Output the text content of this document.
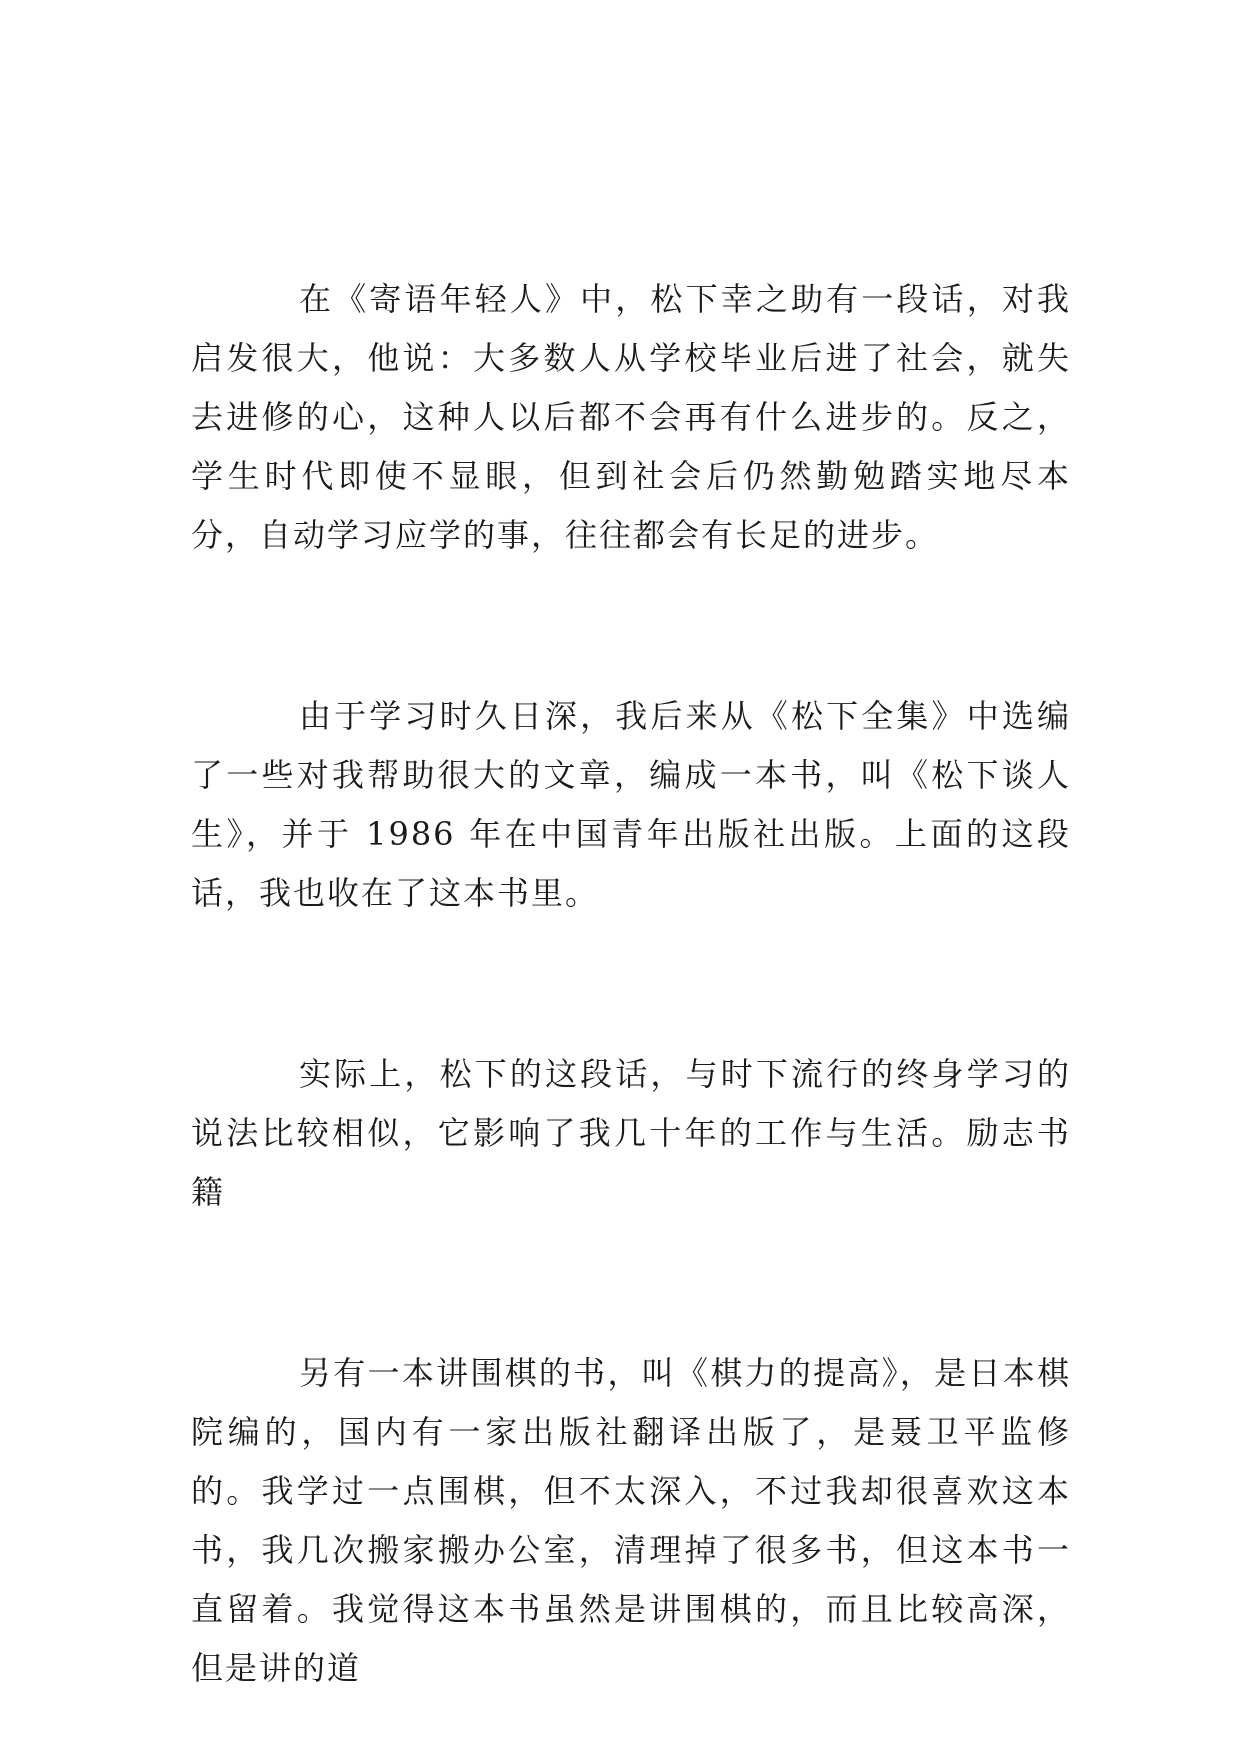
在《寄语年轻人》中，松下幸之助有一段话，对我启发很大，他说：大多数人从学校毕业后进了社会，就失去进修的心，这种人以后都不会再有什么进步的。反之，学生时代即使不显眼，但到社会后仍然勤勉踏实地尽本分，自动学习应学的事，往往都会有长足的进步。

由于学习时久日深，我后来从《松下全集》中选编了一些对我帮助很大的文章，编成一本书，叫《松下谈人生》，并于 1986 年在中国青年出版社出版。上面的这段话，我也收在了这本书里。

实际上，松下的这段话，与时下流行的终身学习的说法比较相似，它影响了我几十年的工作与生活。励志书籍

另有一本讲围棋的书，叫《棋力的提高》，是日本棋院编的，国内有一家出版社翻译出版了，是聂卫平监修的。我学过一点围棋，但不太深入，不过我却很喜欢这本书，我几次搬家搬办公室，清理掉了很多书，但这本书一直留着。我觉得这本书虽然是讲围棋的，而且比较高深，但是讲的道
